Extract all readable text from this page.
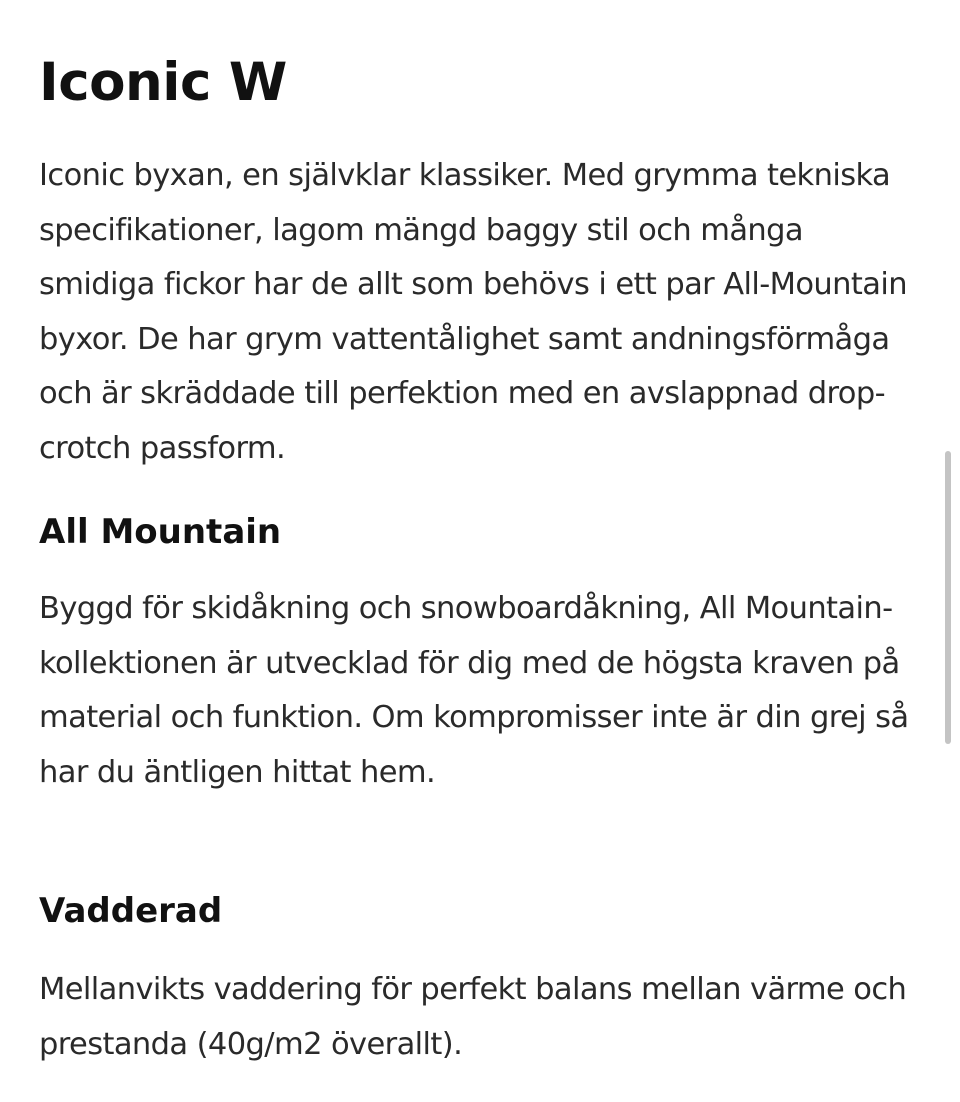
Iconic W

Iconic byxan, en självklar klassiker. Med grymma tekniska specifikationer, lagom mängd baggy stil och många smidiga fickor har de allt som behövs i ett par All-Mountain byxor. De har grym vattentålighet samt andningsförmåga och är skräddade till perfektion med en avslappnad drop-crotch passform.

All Mountain

Byggd för skidåkning och snowboardåkning, All Mountain-kollektionen är utvecklad för dig med de högsta kraven på material och funktion. Om kompromisser inte är din grej så har du äntligen hittat hem.

Vadderad

Mellanvikts vaddering för perfekt balans mellan värme och prestanda (40g/m2 överallt).
